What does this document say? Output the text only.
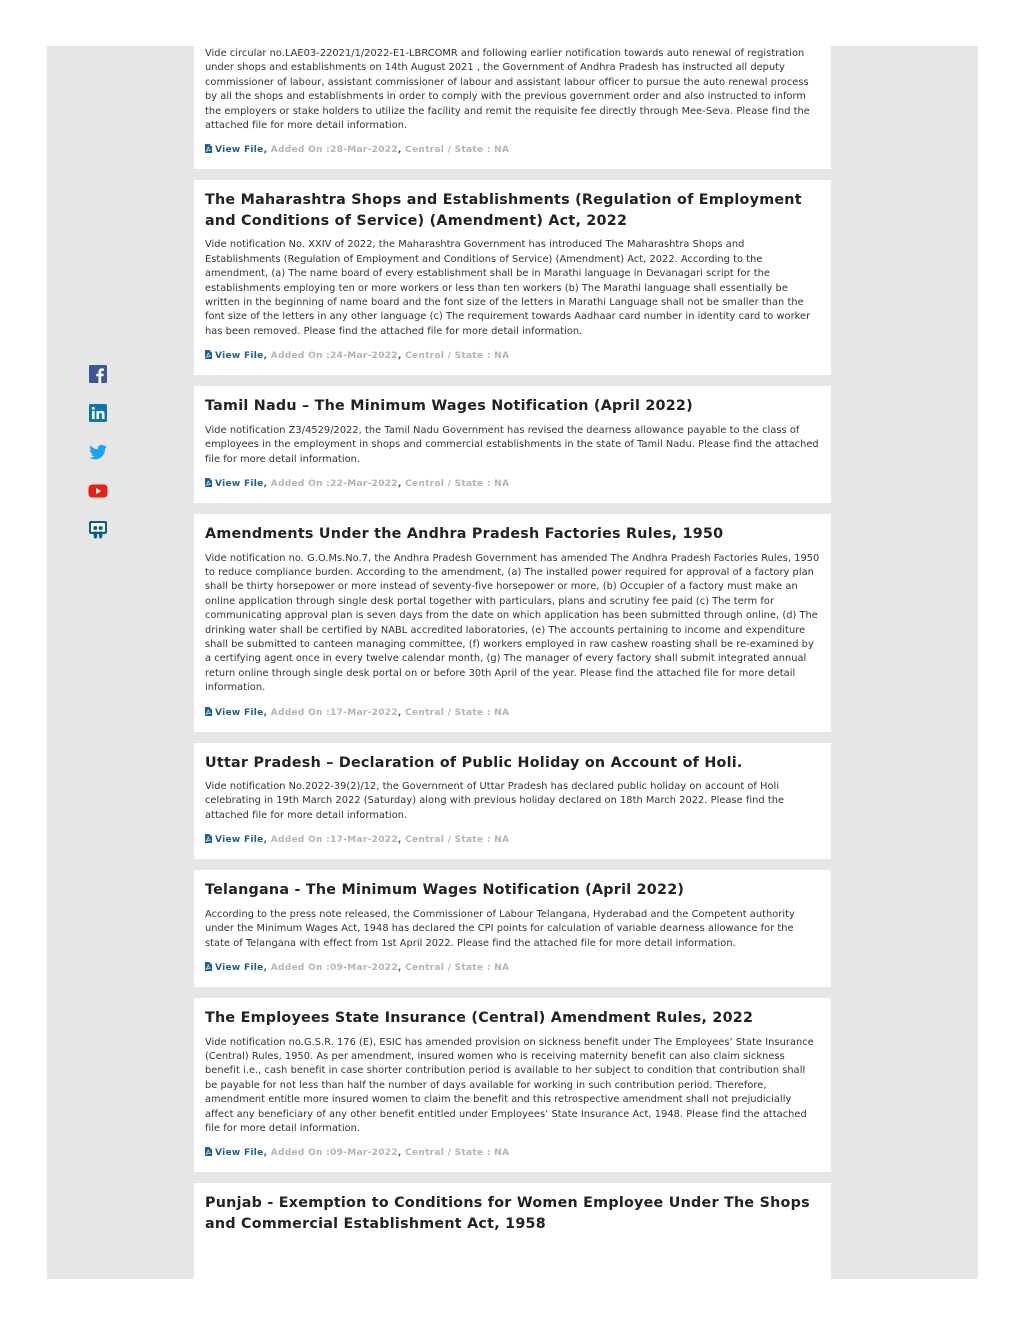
Vide circular no.LAE03-22021/1/2022-E1-LBRCOMR and following earlier notification towards auto renewal of registration under shops and establishments on 14th August 2021 , the Government of Andhra Pradesh has instructed all deputy commissioner of labour, assistant commissioner of labour and assistant labour officer to pursue the auto renewal process by all the shops and establishments in order to comply with the previous government order and also instructed to inform the employers or stake holders to utilize the facility and remit the requisite fee directly through Mee-Seva. Please find the attached file for more detail information.

View File, Added On :28-Mar-2022, Central / State : NA
The Maharashtra Shops and Establishments (Regulation of Employment and Conditions of Service) (Amendment) Act, 2022

Vide notification No. XXIV of 2022, the Maharashtra Government has introduced The Maharashtra Shops and Establishments (Regulation of Employment and Conditions of Service) (Amendment) Act, 2022. According to the amendment, (a) The name board of every establishment shall be in Marathi language in Devanagari script for the establishments employing ten or more workers or less than ten workers (b) The Marathi language shall essentially be written in the beginning of name board and the font size of the letters in Marathi Language shall not be smaller than the font size of the letters in any other language (c) The requirement towards Aadhaar card number in identity card to worker has been removed. Please find the attached file for more detail information.

View File, Added On :24-Mar-2022, Central / State : NA
Tamil Nadu – The Minimum Wages Notification (April 2022)

Vide notification Z3/4529/2022, the Tamil Nadu Government has revised the dearness allowance payable to the class of employees in the employment in shops and commercial establishments in the state of Tamil Nadu. Please find the attached file for more detail information.

View File, Added On :22-Mar-2022, Central / State : NA
Amendments Under the Andhra Pradesh Factories Rules, 1950

Vide notification no. G.O.Ms.No.7, the Andhra Pradesh Government has amended The Andhra Pradesh Factories Rules, 1950 to reduce compliance burden. According to the amendment, (a) The installed power required for approval of a factory plan shall be thirty horsepower or more instead of seventy-five horsepower or more, (b) Occupier of a factory must make an online application through single desk portal together with particulars, plans and scrutiny fee paid (c) The term for communicating approval plan is seven days from the date on which application has been submitted through online, (d) The drinking water shall be certified by NABL accredited laboratories, (e) The accounts pertaining to income and expenditure shall be submitted to canteen managing committee, (f) workers employed in raw cashew roasting shall be re-examined by a certifying agent once in every twelve calendar month, (g) The manager of every factory shall submit integrated annual return online through single desk portal on or before 30th April of the year. Please find the attached file for more detail information.

View File, Added On :17-Mar-2022, Central / State : NA
Uttar Pradesh – Declaration of Public Holiday on Account of Holi.

Vide notification No.2022-39(2)/12, the Government of Uttar Pradesh has declared public holiday on account of Holi celebrating in 19th March 2022 (Saturday) along with previous holiday declared on 18th March 2022. Please find the attached file for more detail information.

View File, Added On :17-Mar-2022, Central / State : NA
Telangana - The Minimum Wages Notification (April 2022)

According to the press note released, the Commissioner of Labour Telangana, Hyderabad and the Competent authority under the Minimum Wages Act, 1948 has declared the CPI points for calculation of variable dearness allowance for the state of Telangana with effect from 1st April 2022. Please find the attached file for more detail information.

View File, Added On :09-Mar-2022, Central / State : NA
The Employees State Insurance (Central) Amendment Rules, 2022

Vide notification no.G.S.R. 176 (E), ESIC has amended provision on sickness benefit under The Employees’ State Insurance (Central) Rules, 1950. As per amendment, insured women who is receiving maternity benefit can also claim sickness benefit i.e., cash benefit in case shorter contribution period is available to her subject to condition that contribution shall be payable for not less than half the number of days available for working in such contribution period. Therefore, amendment entitle more insured women to claim the benefit and this retrospective amendment shall not prejudicially affect any beneficiary of any other benefit entitled under Employees’ State Insurance Act, 1948. Please find the attached file for more detail information.

View File, Added On :09-Mar-2022, Central / State : NA
Punjab - Exemption to Conditions for Women Employee Under The Shops and Commercial Establishment Act, 1958
